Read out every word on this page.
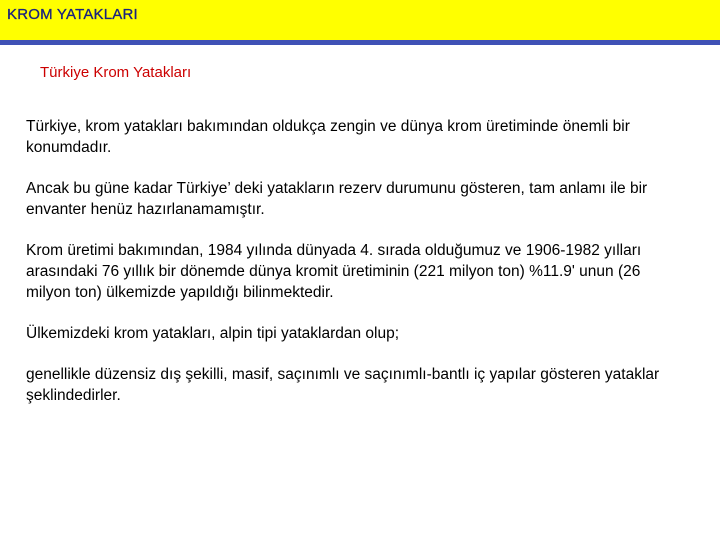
KROM YATAKLARI
Türkiye Krom Yatakları

Türkiye, krom yatakları bakımından oldukça zengin ve dünya krom üretiminde önemli bir konumdadır.

Ancak bu güne kadar Türkiye’ deki yatakların rezerv durumunu gösteren, tam anlamı ile bir envanter henüz hazırlanamamıştır.

Krom üretimi bakımından, 1984 yılında dünyada 4. sırada olduğumuz ve 1906-1982 yılları arasındaki 76 yıllık bir dönemde dünya kromit üretiminin (221 milyon ton) %11.9' unun (26 milyon ton) ülkemizde yapıldığı bilinmektedir.

Ülkemizdeki krom yatakları, alpin tipi yataklardan olup;

genellikle düzensiz dış şekilli, masif, saçınımlı ve saçınımlı-bantlı iç yapılar gösteren yataklar şeklindedirler.
